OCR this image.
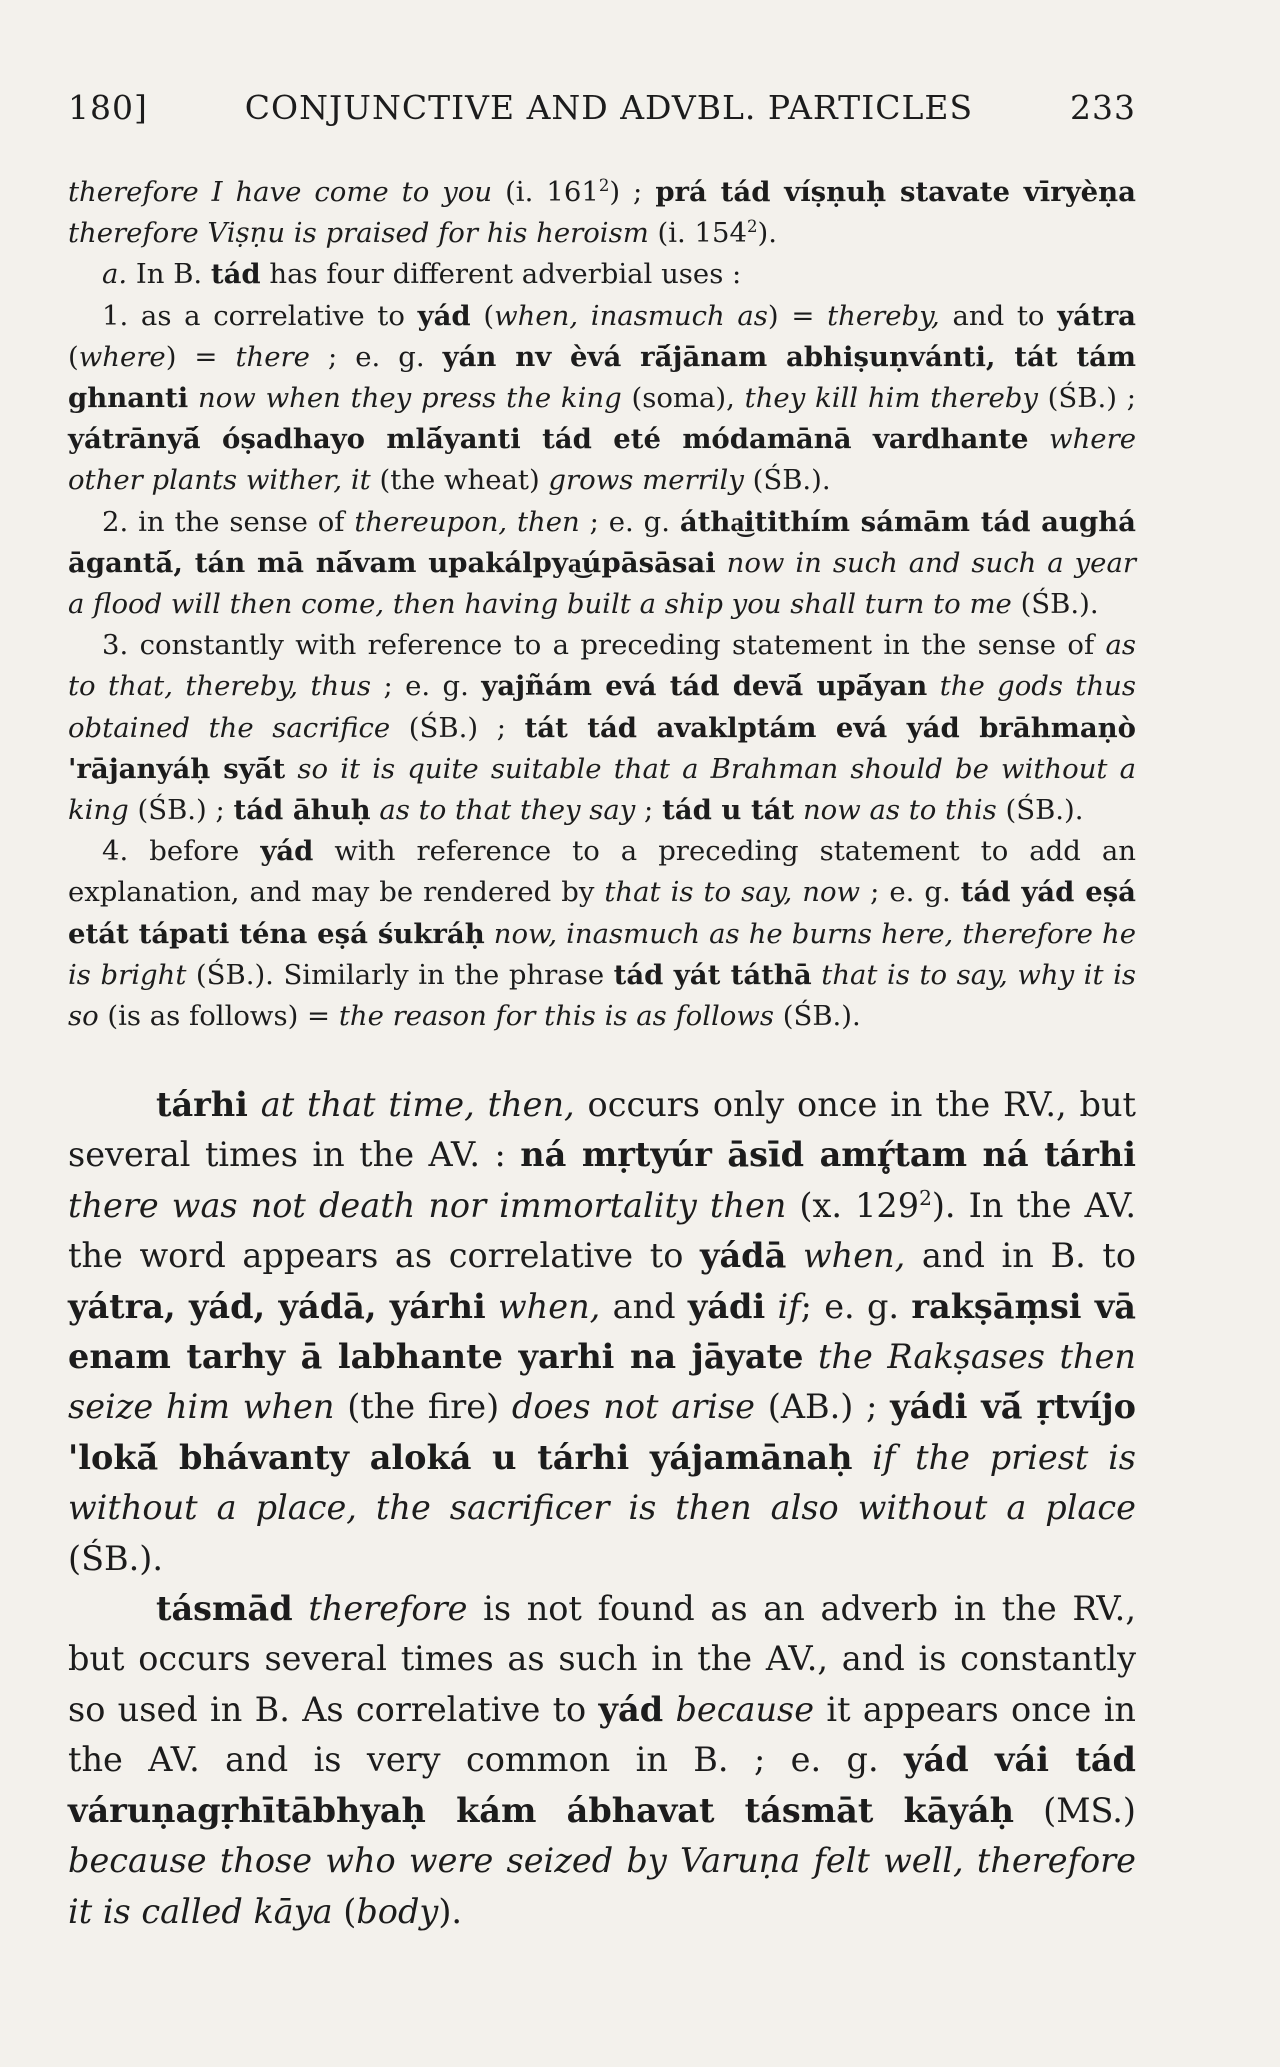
180]	CONJUNCTIVE AND ADVBL. PARTICLES	233

therefore I have come to you (i. $161^2$) ; prá tád víṣṇuḥ stavate vīryèṇa therefore Viṣṇu is praised for his heroism (i. $154^2$).

a. In B. tád has four different adverbial uses :

1. as a correlative to yád (when, inasmuch as) = thereby, and to yátra (where) = there ; e. g. yán nv èvá rā́jānam abhiṣuṇvánti, tát tám ghnanti now when they press the king (soma), they kill him thereby (ŚB.) ; yátrānyā́ óṣadhayo mlā́yanti tád eté módamānā vardhante where other plants wither, it (the wheat) grows merrily (ŚB.).

2. in the sense of thereupon, then ; e. g. átha͜itithím sámām tád aughá āgantā́, tán mā nā́vam upakálpya͜úpāsāsai now in such and such a year a flood will then come, then having built a ship you shall turn to me (ŚB.).

3. constantly with reference to a preceding statement in the sense of as to that, thereby, thus ; e. g. yajñám evá tád devā́ upā́yan the gods thus obtained the sacrifice (ŚB.) ; tát tád avaklptám evá yád brāhmaṇò 'rājanyáḥ syā́t so it is quite suitable that a Brahman should be without a king (ŚB.) ; tád āhuḥ as to that they say ; tád u tát now as to this (ŚB.).

4. before yád with reference to a preceding statement to add an explanation, and may be rendered by that is to say, now ; e. g. tád yád eṣá etát tápati téna eṣá śukráḥ now, inasmuch as he burns here, therefore he is bright (ŚB.). Similarly in the phrase tád yát táthā that is to say, why it is so (is as follows) = the reason for this is as follows (ŚB.).

tárhi at that time, then, occurs only once in the RV., but several times in the AV. : ná mṛtyúr āsīd amŕ̥tam ná tárhi there was not death nor immortality then (x. $129^2$). In the AV. the word appears as correlative to yádā when, and in B. to yátra, yád, yádā, yárhi when, and yádi if; e. g. rakṣāṃsi vā enam tarhy ā labhante yarhi na jāyate the Rakṣases then seize him when (the fire) does not arise (AB.) ; yádi vā́ ṛtvíjo 'lokā́ bhávanty aloká u tárhi yájamānaḥ if the priest is without a place, the sacrificer is then also without a place (ŚB.).

tásmād therefore is not found as an adverb in the RV., but occurs several times as such in the AV., and is constantly so used in B. As correlative to yád because it appears once in the AV. and is very common in B. ; e. g. yád vái tád váruṇagṛhītābhyaḥ kám ábhavat tásmāt kāyáḥ (MS.) because those who were seized by Varuṇa felt well, therefore it is called kāya (body).
